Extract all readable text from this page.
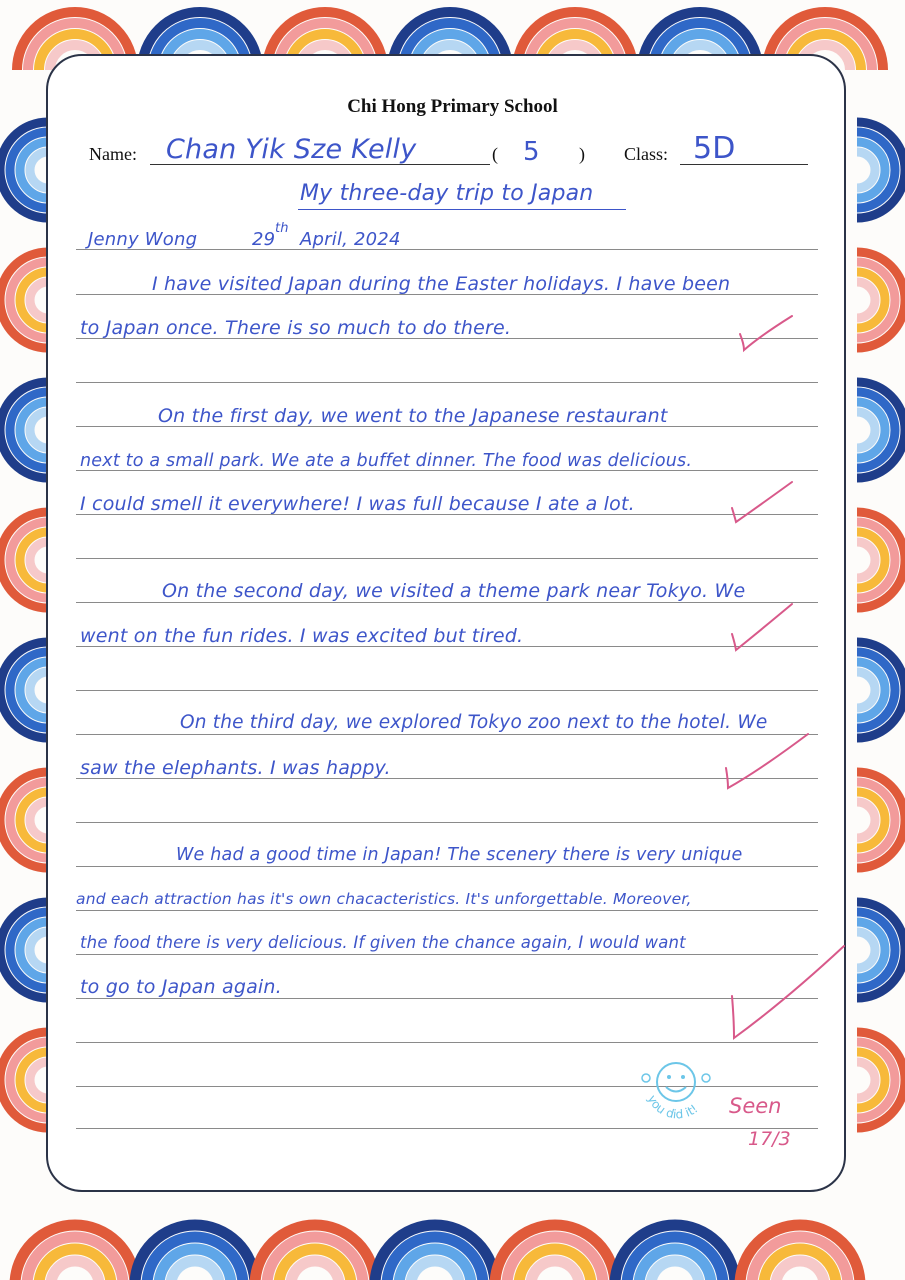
Chi Hong Primary School
Name: Chan Yik Sze Kelly	( 5 ) Class: 5D
My three-day trip to Japan
Jenny Wong	29
th
April, 2024
I have visited Japan during the Easter holidays. I have been
to Japan once. There is so much to do there.
On the first day, we went to the Japanese restaurant
next to a small park. We ate a buffet dinner. The food was delicious.
I could smell it everywhere! I was full because I ate a lot.
On the second day, we visited a theme park near Tokyo. We
went on the fun rides. I was excited but tired.
On the third day, we explored Tokyo zoo next to the hotel. We
saw the elephants. I was happy.
We had a good time in Japan! The scenery there is very unique
and each attraction has it's own chacacteristics. It's unforgettable. Moreover,
the food there is very delicious. If given the chance again, I would want
to go to Japan again.
you did it! Seen
17/3
